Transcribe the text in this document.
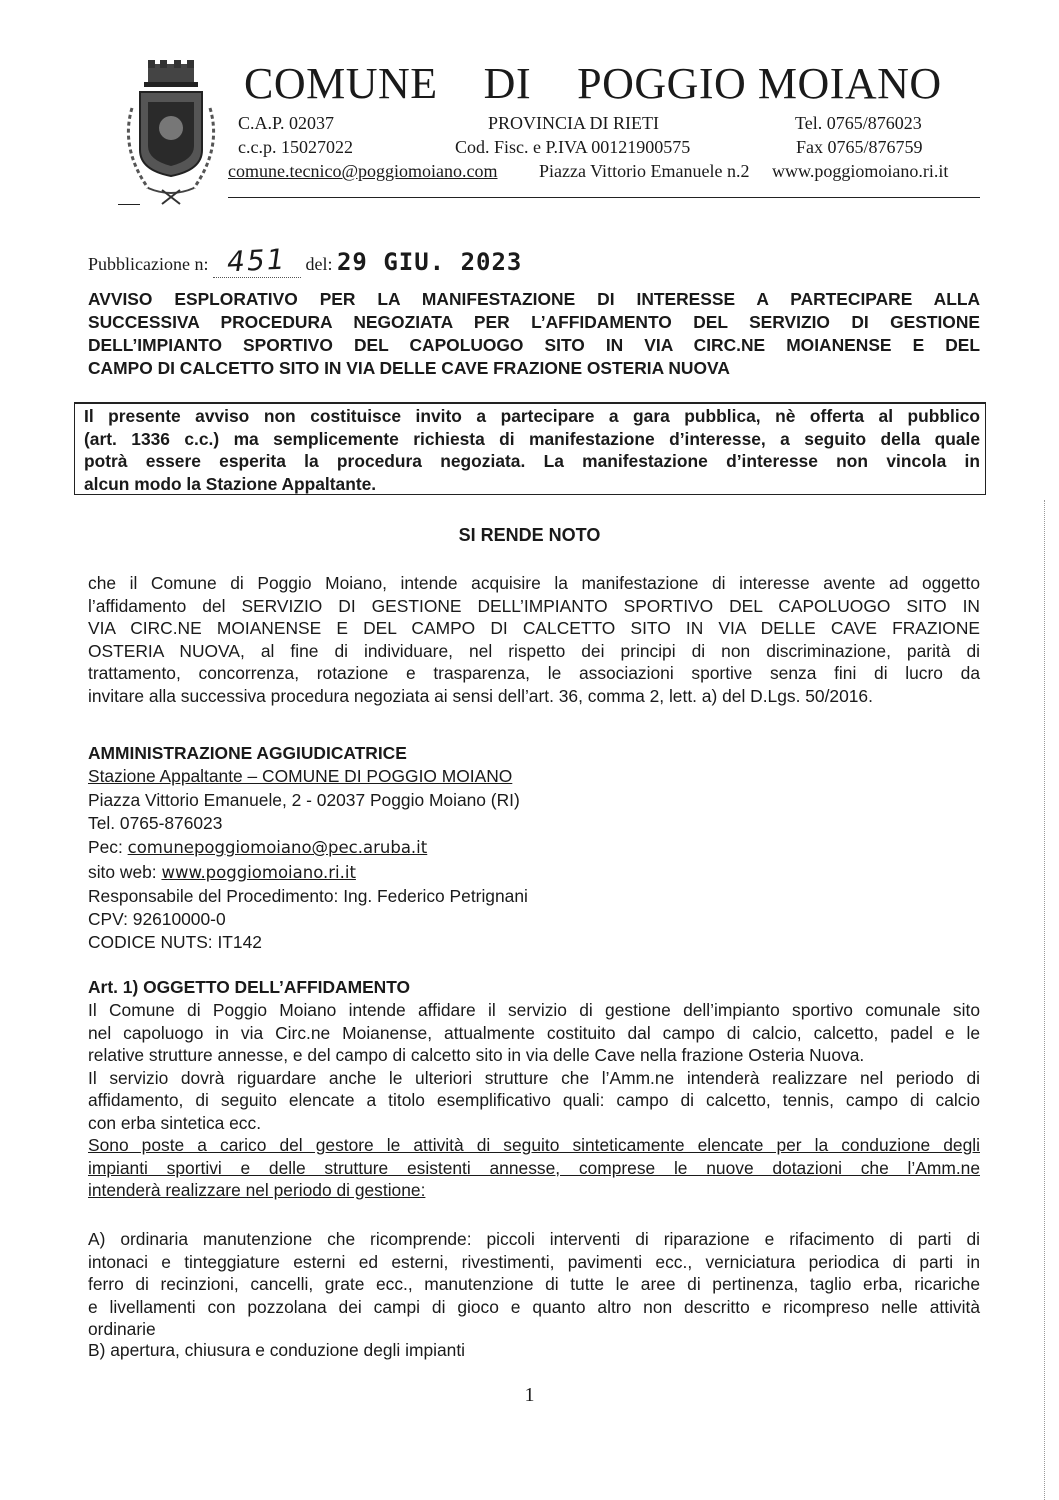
COMUNE    DI    POGGIO MOIANO
C.A.P. 02037	PROVINCIA DI RIETI	Tel. 0765/876023
c.c.p. 15027022	Cod. Fisc. e P.IVA 00121900575	Fax 0765/876759
comune.tecnico@poggiomoiano.com Piazza Vittorio Emanuele n.2 www.poggiomoiano.ri.it
Pubblicazione n: 451 del: 29 GIU. 2023
AVVISO ESPLORATIVO PER LA MANIFESTAZIONE DI INTERESSE A PARTECIPARE ALLA
SUCCESSIVA PROCEDURA NEGOZIATA PER L’AFFIDAMENTO DEL SERVIZIO DI GESTIONE
DELL’IMPIANTO SPORTIVO DEL CAPOLUOGO SITO IN VIA CIRC.NE MOIANENSE E DEL
CAMPO DI CALCETTO SITO IN VIA DELLE CAVE FRAZIONE OSTERIA NUOVA
Il presente avviso non costituisce invito a partecipare a gara pubblica, nè offerta al pubblico
(art. 1336 c.c.) ma semplicemente richiesta di manifestazione d’interesse, a seguito della quale
potrà essere esperita la procedura negoziata. La manifestazione d’interesse non vincola in
alcun modo la Stazione Appaltante.
SI RENDE NOTO
che il Comune di Poggio Moiano, intende acquisire la manifestazione di interesse avente ad oggetto
l’affidamento del SERVIZIO DI GESTIONE DELL’IMPIANTO SPORTIVO DEL CAPOLUOGO SITO IN
VIA CIRC.NE MOIANENSE E DEL CAMPO DI CALCETTO SITO IN VIA DELLE CAVE FRAZIONE
OSTERIA NUOVA, al fine di individuare, nel rispetto dei principi di non discriminazione, parità di
trattamento, concorrenza, rotazione e trasparenza, le associazioni sportive senza fini di lucro da
invitare alla successiva procedura negoziata ai sensi dell’art. 36, comma 2, lett. a) del D.Lgs. 50/2016.
AMMINISTRAZIONE AGGIUDICATRICE
Stazione Appaltante – COMUNE DI POGGIO MOIANO
Piazza Vittorio Emanuele, 2 - 02037 Poggio Moiano (RI)
Tel. 0765-876023
Pec: comunepoggiomoiano@pec.aruba.it
sito web: www.poggiomoiano.ri.it
Responsabile del Procedimento: Ing. Federico Petrignani
CPV: 92610000-0
CODICE NUTS: IT142
Art. 1) OGGETTO DELL’AFFIDAMENTO
Il Comune di Poggio Moiano intende affidare il servizio di gestione dell’impianto sportivo comunale sito
nel capoluogo in via Circ.ne Moianense, attualmente costituito dal campo di calcio, calcetto, padel e le
relative strutture annesse, e del campo di calcetto sito in via delle Cave nella frazione Osteria Nuova.
Il servizio dovrà riguardare anche le ulteriori strutture che l’Amm.ne intenderà realizzare nel periodo di
affidamento, di seguito elencate a titolo esemplificativo quali: campo di calcetto, tennis, campo di calcio
con erba sintetica ecc.
Sono poste a carico del gestore le attività di seguito sinteticamente elencate per la conduzione degli
impianti sportivi e delle strutture esistenti annesse, comprese le nuove dotazioni che l’Amm.ne
intenderà realizzare nel periodo di gestione:
A) ordinaria manutenzione che ricomprende: piccoli interventi di riparazione e rifacimento di parti di
intonaci e tinteggiature esterni ed esterni, rivestimenti, pavimenti ecc., verniciatura periodica di parti in
ferro di recinzioni, cancelli, grate ecc., manutenzione di tutte le aree di pertinenza, taglio erba, ricariche
e livellamenti con pozzolana dei campi di gioco e quanto altro non descritto e ricompreso nelle attività
ordinarie
B) apertura, chiusura e conduzione degli impianti
1
